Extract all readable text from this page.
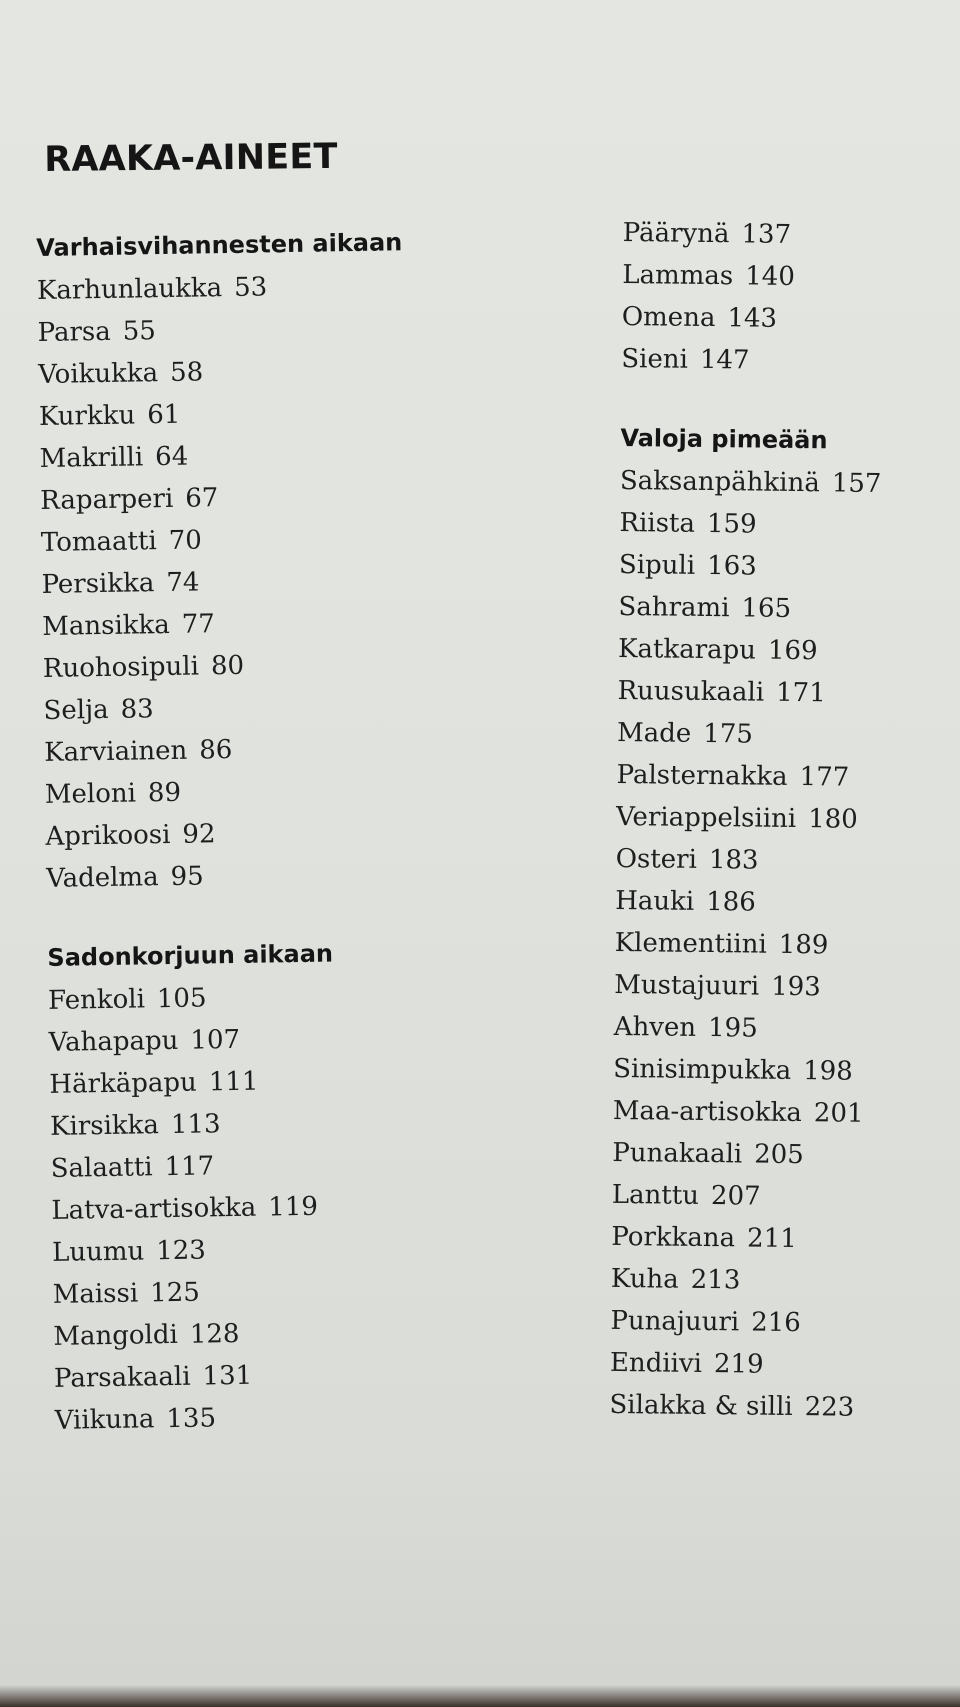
RAAKA-AINEET
Varhaisvihannesten aikaan
Karhunlaukka 53
Parsa 55
Voikukka 58
Kurkku 61
Makrilli 64
Raparperi 67
Tomaatti 70
Persikka 74
Mansikka 77
Ruohosipuli 80
Selja 83
Karviainen 86
Meloni 89
Aprikoosi 92
Vadelma 95
Sadonkorjuun aikaan
Fenkoli 105
Vahapapu 107
Härkäpapu 111
Kirsikka 113
Salaatti 117
Latva-artisokka 119
Luumu 123
Maissi 125
Mangoldi 128
Parsakaali 131
Viikuna 135
Päärynä 137
Lammas 140
Omena 143
Sieni 147
Valoja pimeään
Saksanpähkinä 157
Riista 159
Sipuli 163
Sahrami 165
Katkarapu 169
Ruusukaali 171
Made 175
Palsternakka 177
Veriappelsiini 180
Osteri 183
Hauki 186
Klementiini 189
Mustajuuri 193
Ahven 195
Sinisimpukka 198
Maa-artisokka 201
Punakaali 205
Lanttu 207
Porkkana 211
Kuha 213
Punajuuri 216
Endiivi 219
Silakka & silli 223
